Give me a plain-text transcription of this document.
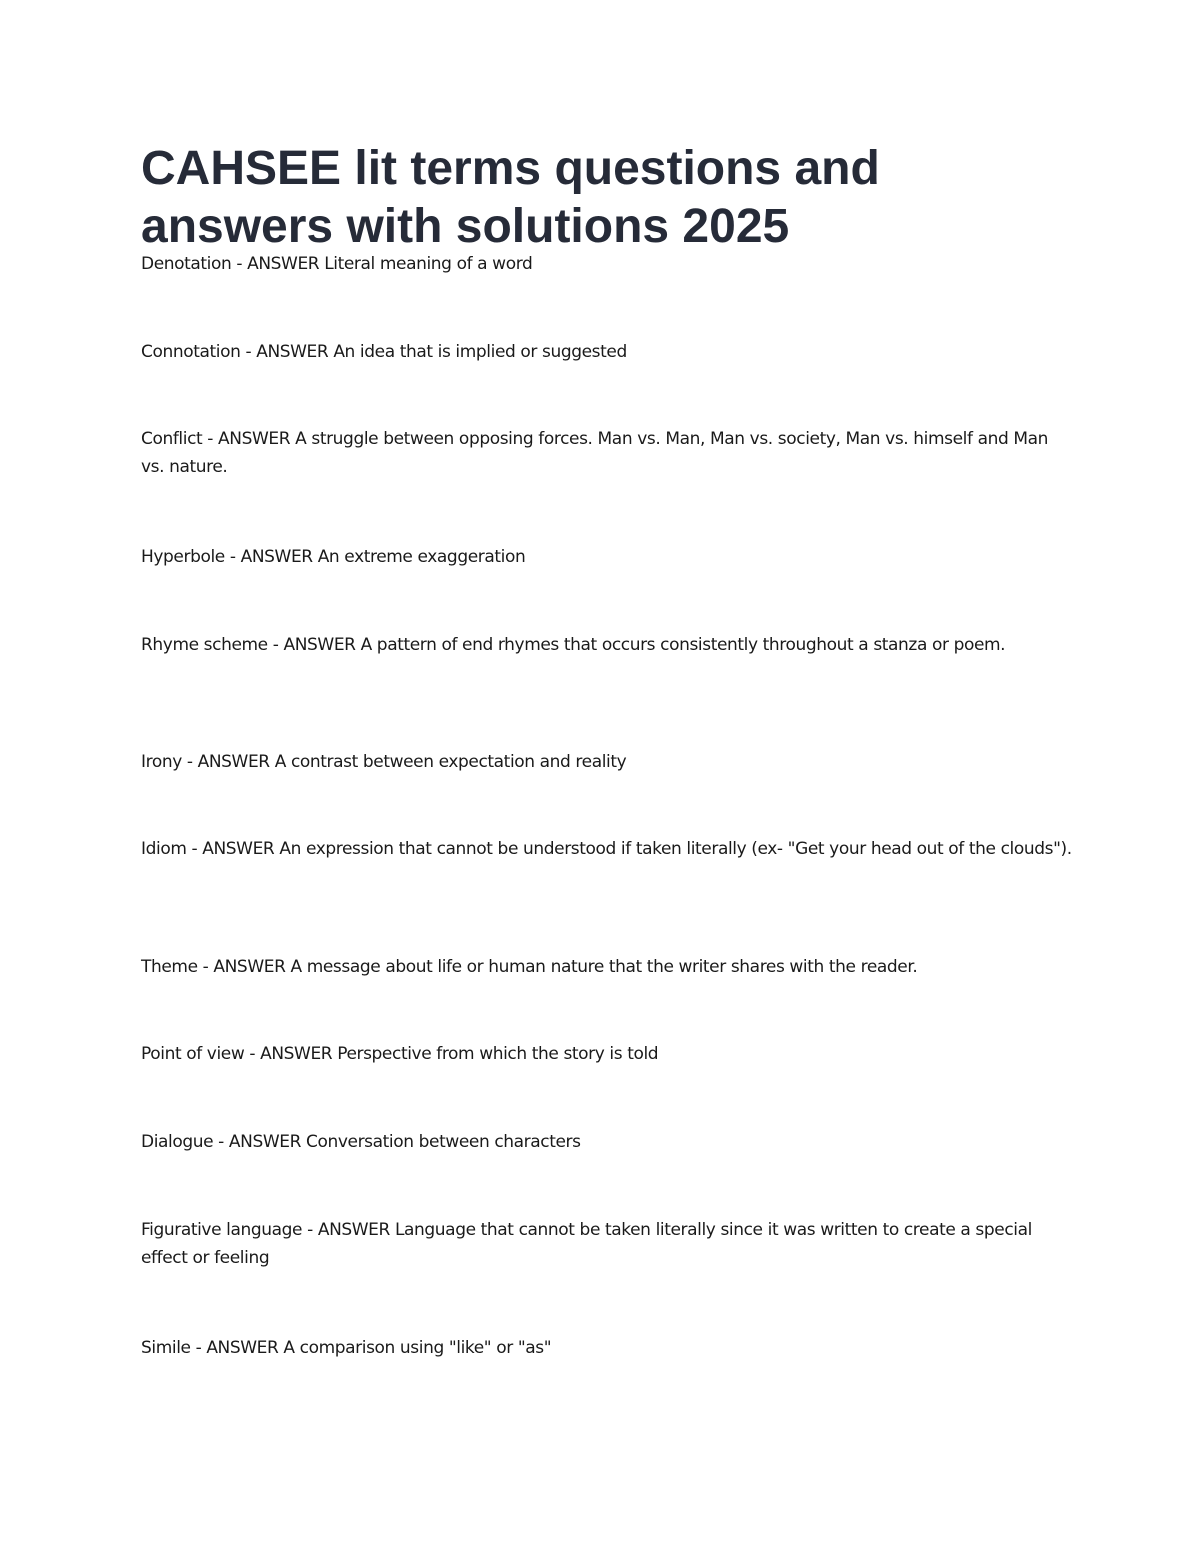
CAHSEE lit terms questions and answers with solutions 2025

Denotation - ANSWER Literal meaning of a word

Connotation - ANSWER An idea that is implied or suggested

Conflict - ANSWER A struggle between opposing forces. Man vs. Man, Man vs. society, Man vs. himself and Man vs. nature.

Hyperbole - ANSWER An extreme exaggeration

Rhyme scheme - ANSWER A pattern of end rhymes that occurs consistently throughout a stanza or poem.

Irony - ANSWER A contrast between expectation and reality

Idiom - ANSWER An expression that cannot be understood if taken literally (ex- "Get your head out of the clouds").

Theme - ANSWER A message about life or human nature that the writer shares with the reader.

Point of view - ANSWER Perspective from which the story is told

Dialogue - ANSWER Conversation between characters

Figurative language - ANSWER Language that cannot be taken literally since it was written to create a special effect or feeling

Simile - ANSWER A comparison using "like" or "as"
